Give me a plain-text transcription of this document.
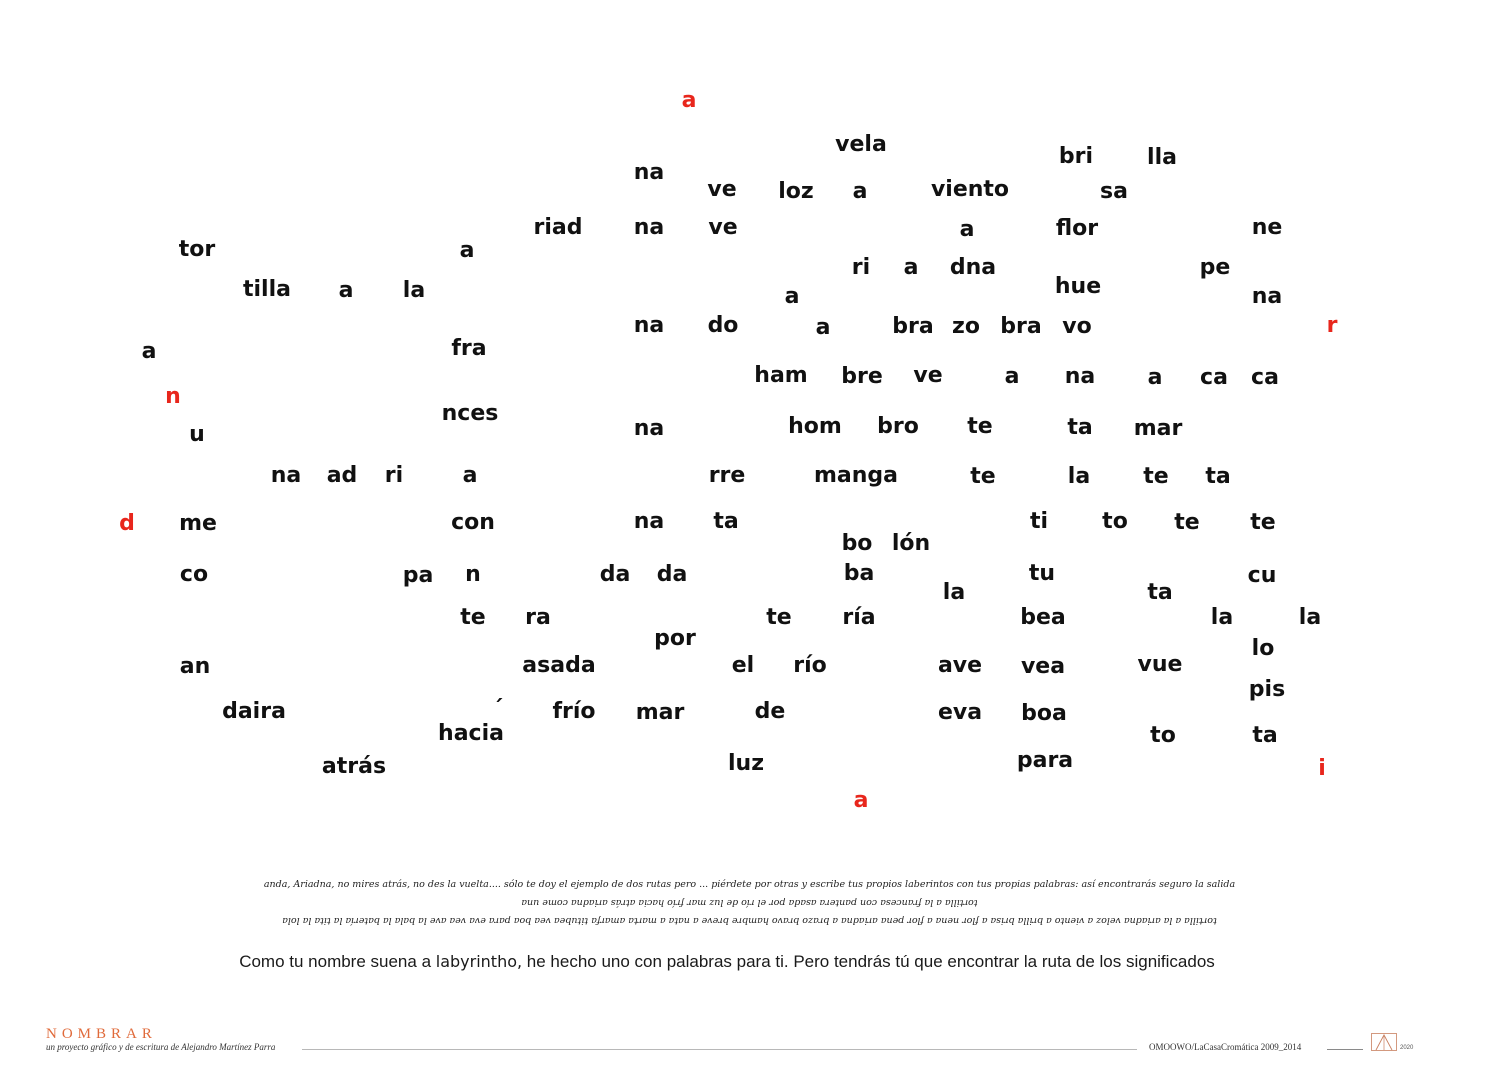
a
vela	bri lla
na
ve loz a	viento	sa
riad na ve	a	flor	ne
tor	a
ri a dna	pe
hue
tilla a la	a	na
na do	a	bra zo bra vo	r
a	fra
ham bre ve	a na a ca ca
n
nces
u	na	hom bro te	ta mar
na ad ri	a	rre	manga	te	la te ta
d me	con	na ta	ti to te te
bo lón
co	pa n	da da	ba	tu	cu
la	ta
te ra	te ría	bea	la	la
por	lo
an	asada	el río	ave vea	vue
pis
daira	´ frío mar	de	eva boa
hacia	to	ta
atrás	luz	para	i
a
anda, Ariadna, no mires atrás, no des la vuelta.... sólo te doy el ejemplo de dos rutas pero ... piérdete por otras y escribe tus propios laberintos con tus propias palabras: así encontrarás seguro la salida
tortilla a la francesa con pantera asada por el río de luz mar frío hacia atrás ariadna come una
tortilla a la ariadna veloz a viento a brilla brisa a flor nena a flor pena ariadna a brazo bravo hambre breve a nata a marta amarfa titubea vea boa para eva vea ave la bala la batería la tita la lola
Como tu nombre suena a labyrintho, he hecho uno con palabras para ti. Pero tendrás tú que encontrar la ruta de los significados
NOMBRAR
un proyecto gráfico y de escritura de Alejandro Martínez Parra	OMOOWO/LaCasaCromática 2009_2014	2020
